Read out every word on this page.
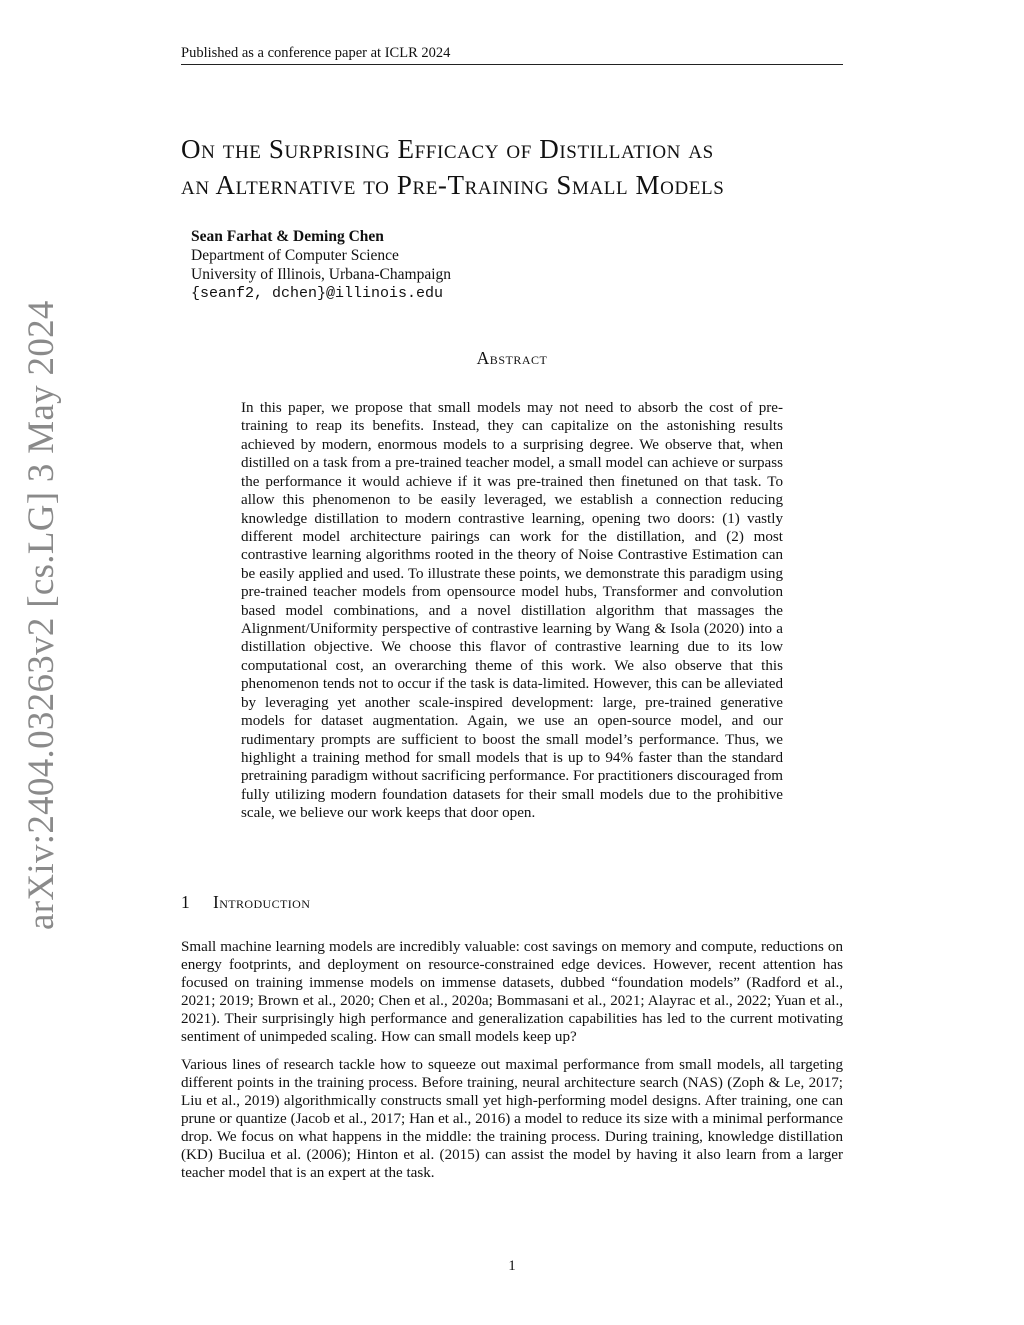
Published as a conference paper at ICLR 2024
arXiv:2404.03263v2 [cs.LG] 3 May 2024
On the Surprising Efficacy of Distillation as
an Alternative to Pre-Training Small Models
Sean Farhat & Deming Chen
Department of Computer Science
University of Illinois, Urbana-Champaign
{seanf2, dchen}@illinois.edu
Abstract
In this paper, we propose that small models may not need to absorb the cost of pre-training to reap its benefits. Instead, they can capitalize on the astonishing results achieved by modern, enormous models to a surprising degree. We observe that, when distilled on a task from a pre-trained teacher model, a small model can achieve or surpass the performance it would achieve if it was pre-trained then finetuned on that task. To allow this phenomenon to be easily leveraged, we establish a connection reducing knowledge distillation to modern contrastive learning, opening two doors: (1) vastly different model architecture pairings can work for the distillation, and (2) most contrastive learning algorithms rooted in the theory of Noise Contrastive Estimation can be easily applied and used. To illustrate these points, we demonstrate this paradigm using pre-trained teacher models from opensource model hubs, Transformer and convolution based model combinations, and a novel distillation algorithm that massages the Alignment/Uniformity perspective of contrastive learning by Wang & Isola (2020) into a distillation objective. We choose this flavor of contrastive learning due to its low computational cost, an overarching theme of this work. We also observe that this phenomenon tends not to occur if the task is data-limited. However, this can be alleviated by leveraging yet another scale-inspired development: large, pre-trained generative models for dataset augmentation. Again, we use an open-source model, and our rudimentary prompts are sufficient to boost the small model’s performance. Thus, we highlight a training method for small models that is up to 94% faster than the standard pretraining paradigm without sacrificing performance. For practitioners discouraged from fully utilizing modern foundation datasets for their small models due to the prohibitive scale, we believe our work keeps that door open.
1 Introduction

Small machine learning models are incredibly valuable: cost savings on memory and compute, reductions on energy footprints, and deployment on resource-constrained edge devices. However, recent attention has focused on training immense models on immense datasets, dubbed “foundation models” (Radford et al., 2021; 2019; Brown et al., 2020; Chen et al., 2020a; Bommasani et al., 2021; Alayrac et al., 2022; Yuan et al., 2021). Their surprisingly high performance and generalization capabilities has led to the current motivating sentiment of unimpeded scaling. How can small models keep up?

Various lines of research tackle how to squeeze out maximal performance from small models, all targeting different points in the training process. Before training, neural architecture search (NAS) (Zoph & Le, 2017; Liu et al., 2019) algorithmically constructs small yet high-performing model designs. After training, one can prune or quantize (Jacob et al., 2017; Han et al., 2016) a model to reduce its size with a minimal performance drop. We focus on what happens in the middle: the training process. During training, knowledge distillation (KD) Bucilua et al. (2006); Hinton et al. (2015) can assist the model by having it also learn from a larger teacher model that is an expert at the task.

1
